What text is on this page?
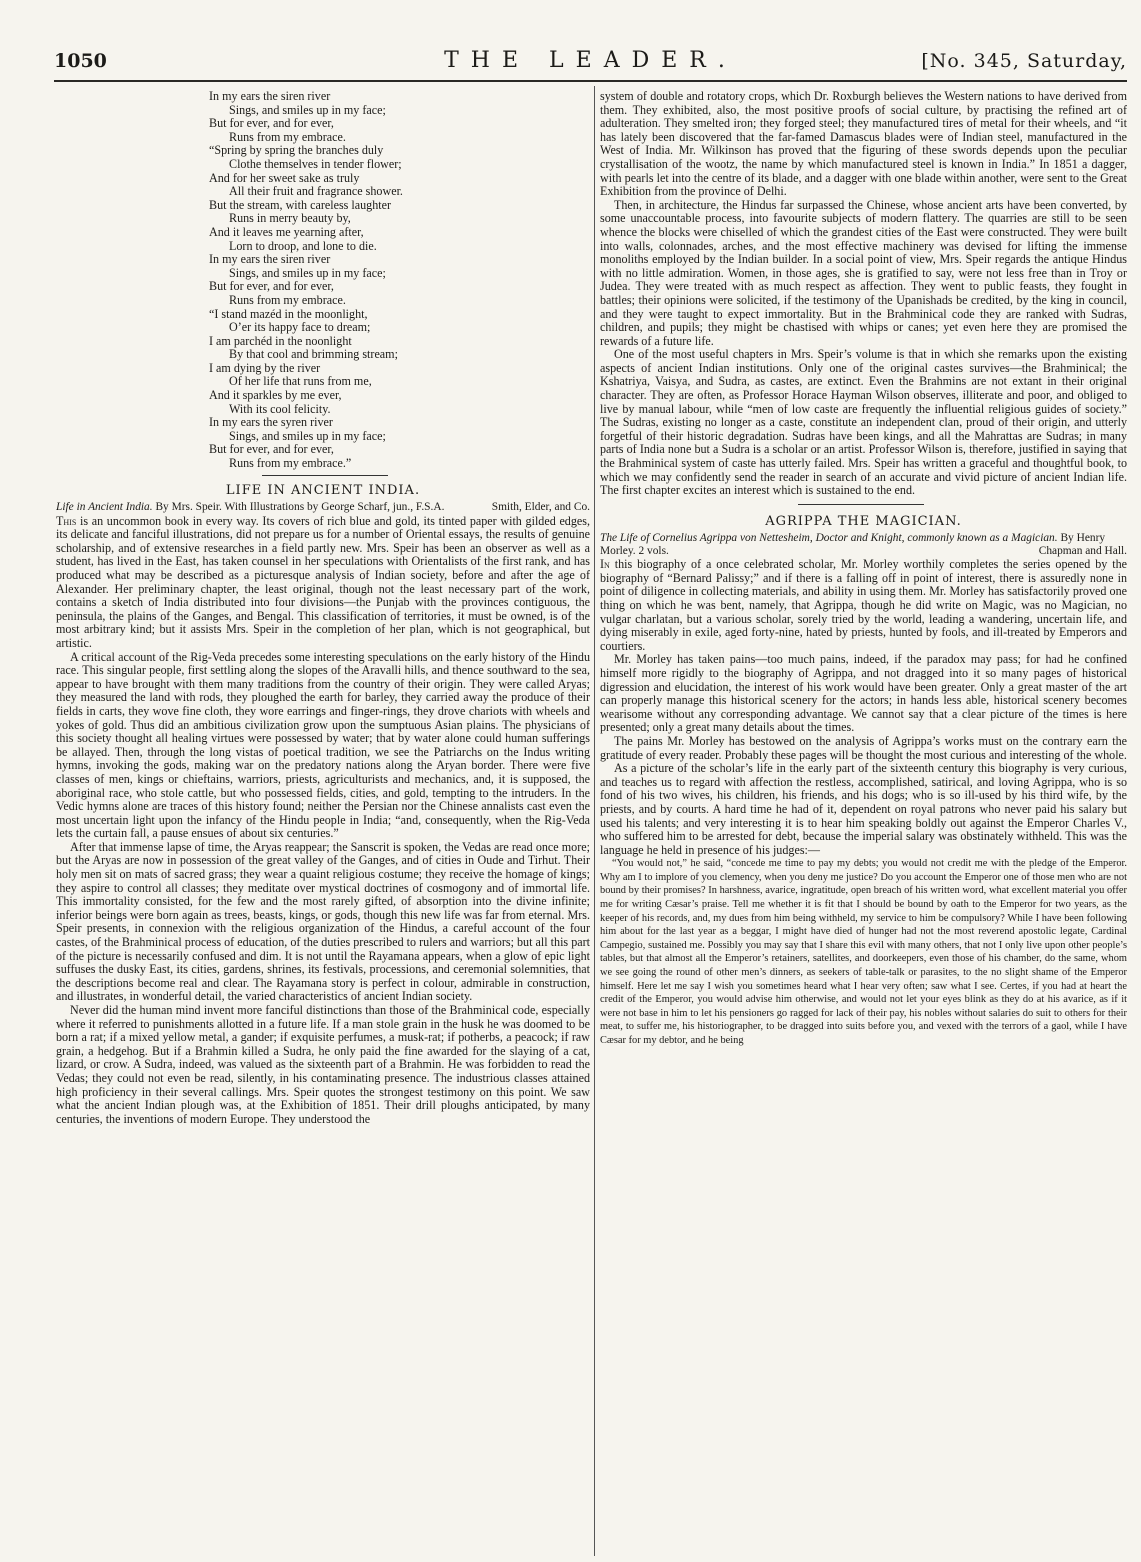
1050	THE LEADER.	[No. 345, Saturday,
In my ears the siren river
Sings, and smiles up in my face;
But for ever, and for ever,
Runs from my embrace.
“Spring by spring the branches duly
Clothe themselves in tender flower;
And for her sweet sake as truly
All their fruit and fragrance shower.
But the stream, with careless laughter
Runs in merry beauty by,
And it leaves me yearning after,
Lorn to droop, and lone to die.
In my ears the siren river
Sings, and smiles up in my face;
But for ever, and for ever,
Runs from my embrace.
“I stand mazéd in the moonlight,
O’er its happy face to dream;
I am parchéd in the noonlight
By that cool and brimming stream;
I am dying by the river
Of her life that runs from me,
And it sparkles by me ever,
With its cool felicity.
In my ears the syren river
Sings, and smiles up in my face;
But for ever, and for ever,
Runs from my embrace.”
LIFE IN ANCIENT INDIA.
Life in Ancient India. By Mrs. Speir. With Illustrations by George Scharf, jun., F.S.A.	Smith, Elder, and Co.

This is an uncommon book in every way. Its covers of rich blue and gold, its tinted paper with gilded edges, its delicate and fanciful illustrations, did not prepare us for a number of Oriental essays, the results of genuine scholarship, and of extensive researches in a field partly new. Mrs. Speir has been an observer as well as a student, has lived in the East, has taken counsel in her speculations with Orientalists of the first rank, and has produced what may be described as a picturesque analysis of Indian society, before and after the age of Alexander. Her preliminary chapter, the least original, though not the least necessary part of the work, contains a sketch of India distributed into four divisions—the Punjab with the provinces contiguous, the peninsula, the plains of the Ganges, and Bengal. This classification of territories, it must be owned, is of the most arbitrary kind; but it assists Mrs. Speir in the completion of her plan, which is not geographical, but artistic.

A critical account of the Rig-Veda precedes some interesting speculations on the early history of the Hindu race. This singular people, first settling along the slopes of the Aravalli hills, and thence southward to the sea, appear to have brought with them many traditions from the country of their origin. They were called Aryas; they measured the land with rods, they ploughed the earth for barley, they carried away the produce of their fields in carts, they wove fine cloth, they wore earrings and finger-rings, they drove chariots with wheels and yokes of gold. Thus did an ambitious civilization grow upon the sumptuous Asian plains. The physicians of this society thought all healing virtues were possessed by water; that by water alone could human sufferings be allayed. Then, through the long vistas of poetical tradition, we see the Patriarchs on the Indus writing hymns, invoking the gods, making war on the predatory nations along the Aryan border. There were five classes of men, kings or chieftains, warriors, priests, agriculturists and mechanics, and, it is supposed, the aboriginal race, who stole cattle, but who possessed fields, cities, and gold, tempting to the intruders. In the Vedic hymns alone are traces of this history found; neither the Persian nor the Chinese annalists cast even the most uncertain light upon the infancy of the Hindu people in India; “and, consequently, when the Rig-Veda lets the curtain fall, a pause ensues of about six centuries.”

After that immense lapse of time, the Aryas reappear; the Sanscrit is spoken, the Vedas are read once more; but the Aryas are now in possession of the great valley of the Ganges, and of cities in Oude and Tirhut. Their holy men sit on mats of sacred grass; they wear a quaint religious costume; they receive the homage of kings; they aspire to control all classes; they meditate over mystical doctrines of cosmogony and of immortal life. This immortality consisted, for the few and the most rarely gifted, of absorption into the divine infinite; inferior beings were born again as trees, beasts, kings, or gods, though this new life was far from eternal. Mrs. Speir presents, in connexion with the religious organization of the Hindus, a careful account of the four castes, of the Brahminical process of education, of the duties prescribed to rulers and warriors; but all this part of the picture is necessarily confused and dim. It is not until the Rayamana appears, when a glow of epic light suffuses the dusky East, its cities, gardens, shrines, its festivals, processions, and ceremonial solemnities, that the descriptions become real and clear. The Rayamana story is perfect in colour, admirable in construction, and illustrates, in wonderful detail, the varied characteristics of ancient Indian society.

Never did the human mind invent more fanciful distinctions than those of the Brahminical code, especially where it referred to punishments allotted in a future life. If a man stole grain in the husk he was doomed to be born a rat; if a mixed yellow metal, a gander; if exquisite perfumes, a musk-rat; if potherbs, a peacock; if raw grain, a hedgehog. But if a Brahmin killed a Sudra, he only paid the fine awarded for the slaying of a cat, lizard, or crow. A Sudra, indeed, was valued as the sixteenth part of a Brahmin. He was forbidden to read the Vedas; they could not even be read, silently, in his contaminating presence. The industrious classes attained high proficiency in their several callings. Mrs. Speir quotes the strongest testimony on this point. We saw what the ancient Indian plough was, at the Exhibition of 1851. Their drill ploughs anticipated, by many centuries, the inventions of modern Europe. They understood the

system of double and rotatory crops, which Dr. Roxburgh believes the Western nations to have derived from them. They exhibited, also, the most positive proofs of social culture, by practising the refined art of adulteration. They smelted iron; they forged steel; they manufactured tires of metal for their wheels, and “it has lately been discovered that the far-famed Damascus blades were of Indian steel, manufactured in the West of India. Mr. Wilkinson has proved that the figuring of these swords depends upon the peculiar crystallisation of the wootz, the name by which manufactured steel is known in India.” In 1851 a dagger, with pearls let into the centre of its blade, and a dagger with one blade within another, were sent to the Great Exhibition from the province of Delhi.

Then, in architecture, the Hindus far surpassed the Chinese, whose ancient arts have been converted, by some unaccountable process, into favourite subjects of modern flattery. The quarries are still to be seen whence the blocks were chiselled of which the grandest cities of the East were constructed. They were built into walls, colonnades, arches, and the most effective machinery was devised for lifting the immense monoliths employed by the Indian builder. In a social point of view, Mrs. Speir regards the antique Hindus with no little admiration. Women, in those ages, she is gratified to say, were not less free than in Troy or Judea. They were treated with as much respect as affection. They went to public feasts, they fought in battles; their opinions were solicited, if the testimony of the Upanishads be credited, by the king in council, and they were taught to expect immortality. But in the Brahminical code they are ranked with Sudras, children, and pupils; they might be chastised with whips or canes; yet even here they are promised the rewards of a future life.

One of the most useful chapters in Mrs. Speir’s volume is that in which she remarks upon the existing aspects of ancient Indian institutions. Only one of the original castes survives—the Brahminical; the Kshatriya, Vaisya, and Sudra, as castes, are extinct. Even the Brahmins are not extant in their original character. They are often, as Professor Horace Hayman Wilson observes, illiterate and poor, and obliged to live by manual labour, while “men of low caste are frequently the influential religious guides of society.” The Sudras, existing no longer as a caste, constitute an independent clan, proud of their origin, and utterly forgetful of their historic degradation. Sudras have been kings, and all the Mahrattas are Sudras; in many parts of India none but a Sudra is a scholar or an artist. Professor Wilson is, therefore, justified in saying that the Brahminical system of caste has utterly failed. Mrs. Speir has written a graceful and thoughtful book, to which we may confidently send the reader in search of an accurate and vivid picture of ancient Indian life. The first chapter excites an interest which is sustained to the end.

AGRIPPA THE MAGICIAN.
The Life of Cornelius Agrippa von Nettesheim, Doctor and Knight, commonly known as a Magician. By Henry Morley. 2 vols.	Chapman and Hall.

In this biography of a once celebrated scholar, Mr. Morley worthily completes the series opened by the biography of “Bernard Palissy;” and if there is a falling off in point of interest, there is assuredly none in point of diligence in collecting materials, and ability in using them. Mr. Morley has satisfactorily proved one thing on which he was bent, namely, that Agrippa, though he did write on Magic, was no Magician, no vulgar charlatan, but a various scholar, sorely tried by the world, leading a wandering, uncertain life, and dying miserably in exile, aged forty-nine, hated by priests, hunted by fools, and ill-treated by Emperors and courtiers.

Mr. Morley has taken pains—too much pains, indeed, if the paradox may pass; for had he confined himself more rigidly to the biography of Agrippa, and not dragged into it so many pages of historical digression and elucidation, the interest of his work would have been greater. Only a great master of the art can properly manage this historical scenery for the actors; in hands less able, historical scenery becomes wearisome without any corresponding advantage. We cannot say that a clear picture of the times is here presented; only a great many details about the times.

The pains Mr. Morley has bestowed on the analysis of Agrippa’s works must on the contrary earn the gratitude of every reader. Probably these pages will be thought the most curious and interesting of the whole.

As a picture of the scholar’s life in the early part of the sixteenth century this biography is very curious, and teaches us to regard with affection the restless, accomplished, satirical, and loving Agrippa, who is so fond of his two wives, his children, his friends, and his dogs; who is so ill-used by his third wife, by the priests, and by courts. A hard time he had of it, dependent on royal patrons who never paid his salary but used his talents; and very interesting it is to hear him speaking boldly out against the Emperor Charles V., who suffered him to be arrested for debt, because the imperial salary was obstinately withheld. This was the language he held in presence of his judges:—

“You would not,” he said, “concede me time to pay my debts; you would not credit me with the pledge of the Emperor. Why am I to implore of you clemency, when you deny me justice? Do you account the Emperor one of those men who are not bound by their promises? In harshness, avarice, ingratitude, open breach of his written word, what excellent material you offer me for writing Cæsar’s praise. Tell me whether it is fit that I should be bound by oath to the Emperor for two years, as the keeper of his records, and, my dues from him being withheld, my service to him be compulsory? While I have been following him about for the last year as a beggar, I might have died of hunger had not the most reverend apostolic legate, Cardinal Campegio, sustained me. Possibly you may say that I share this evil with many others, that not I only live upon other people’s tables, but that almost all the Emperor’s retainers, satellites, and doorkeepers, even those of his chamber, do the same, whom we see going the round of other men’s dinners, as seekers of table-talk or parasites, to the no slight shame of the Emperor himself. Here let me say I wish you sometimes heard what I hear very often; saw what I see. Certes, if you had at heart the credit of the Emperor, you would advise him otherwise, and would not let your eyes blink as they do at his avarice, as if it were not base in him to let his pensioners go ragged for lack of their pay, his nobles without salaries do suit to others for their meat, to suffer me, his historiographer, to be dragged into suits before you, and vexed with the terrors of a gaol, while I have Cæsar for my debtor, and he being
